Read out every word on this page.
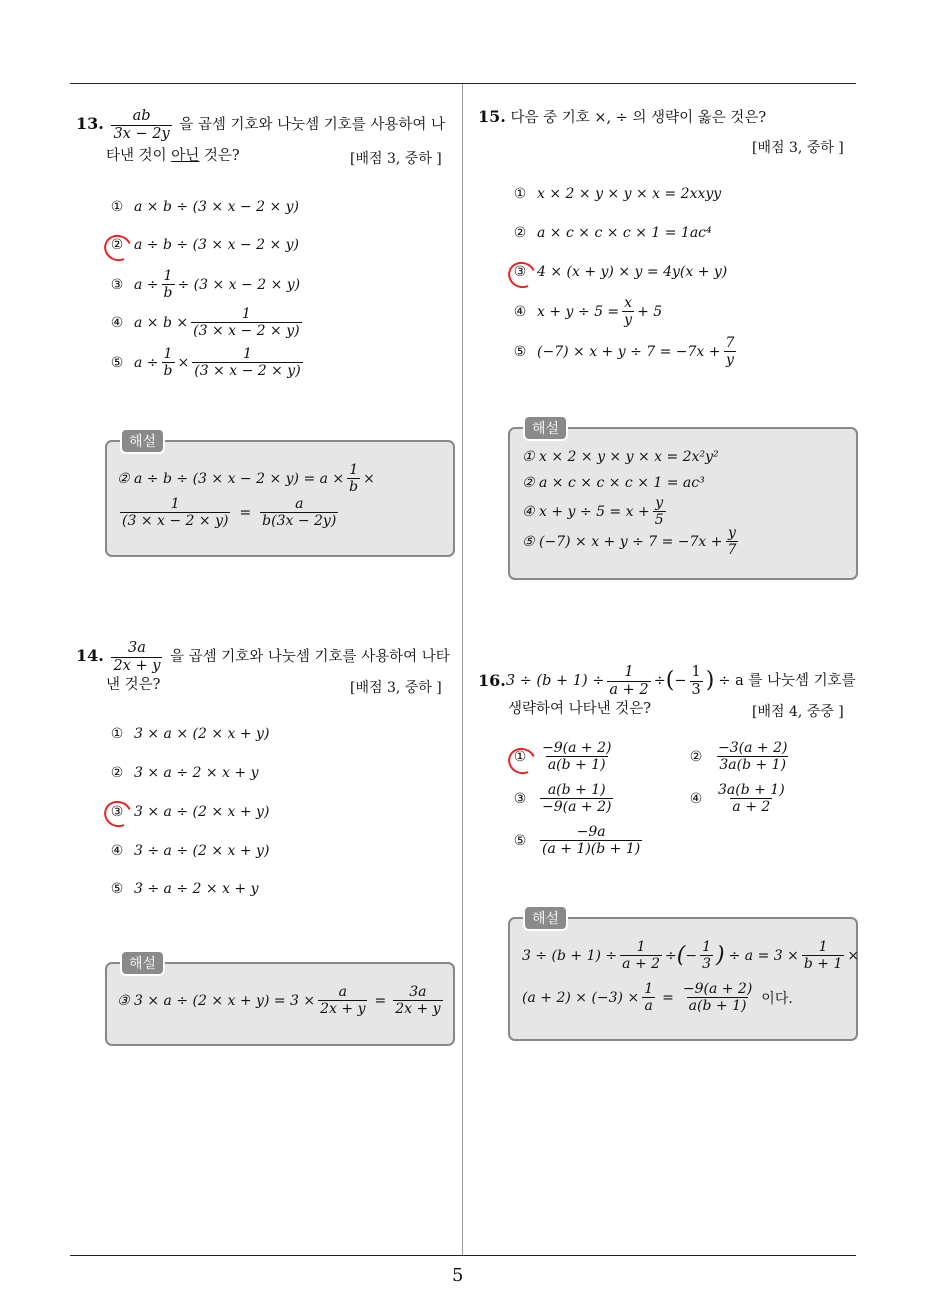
5
13. $\frac{ab}{3x - 2y}$ 을 곱셈 기호와 나눗셈 기호를 사용하여 나
타낸 것이 아닌 것은?	[배점 3, 중하 ]
① a × b ÷ (3 × x − 2 × y)
② a ÷ b ÷ (3 × x − 2 × y)
③ $a \div \frac{1}{b} \div (3 \times x - 2 \times y)$
④ $a \times b \times \frac{1}{(3 \times x - 2 \times y)}$
⑤ $a \div \frac{1}{b} \times \frac{1}{(3 \times x - 2 \times y)}$
해설
② $a \div b \div (3 \times x - 2 \times y) = a \times \frac{1}{b}$ ×
$\frac{1}{(3 \times x - 2 \times y)} = \frac{a}{b(3x - 2y)}$
14. $\frac{3a}{2x + y}$ 을 곱셈 기호와 나눗셈 기호를 사용하여 나타
낸 것은?	[배점 3, 중하 ]
① 3 × a × (2 × x + y)
② 3 × a ÷ 2 × x + y
③ 3 × a ÷ (2 × x + y)
④ 3 ÷ a ÷ (2 × x + y)
⑤ 3 ÷ a ÷ 2 × x + y
해설
③ $3 \times a \div (2 \times x + y) = 3 \times \frac{a}{2x + y} = \frac{3a}{2x + y}$
15. 다음 중 기호 ×, ÷ 의 생략이 옳은 것은?
[배점 3, 중하 ]
① x × 2 × y × y × x = 2xxyy
② a × c × c × c × 1 = 1ac⁴
③ 4 × (x + y) × y = 4y(x + y)
④ $x + y \div 5 = \frac{x}{y} + 5$
⑤ $(-7) \times x + y \div 7 = -7x + \frac{7}{y}$
해설
① x × 2 × y × y × x = 2x²y²
② a × c × c × c × 1 = ac³
④ $x + y \div 5 = x + \frac{y}{5}$
⑤ $(-7) \times x + y \div 7 = -7x + \frac{y}{7}$
16. $3 \div (b + 1) \div \frac{1}{a + 2}$ ÷ ( − $\frac{1}{3}$ ) ÷ a 를 나눗셈 기호를
생략하여 나타낸 것은?	[배점 4, 중중 ]
① $\frac{-9(a + 2)}{a(b + 1)}$	② $\frac{-3(a + 2)}{3a(b + 1)}$
③ $\frac{a(b + 1)}{-9(a + 2)}$	④ $\frac{3a(b + 1)}{a + 2}$
⑤ $\frac{-9a}{(a + 1)(b + 1)}$
해설
$3 \div (b + 1) \div \frac{1}{a + 2}$ ÷ ( − $\frac{1}{3}$ ) ÷ $a = 3 \times \frac{1}{b + 1}$ ×
$(a + 2) \times (-3) \times \frac{1}{a} = \frac{-9(a + 2)}{a(b + 1)}$ 이다.
